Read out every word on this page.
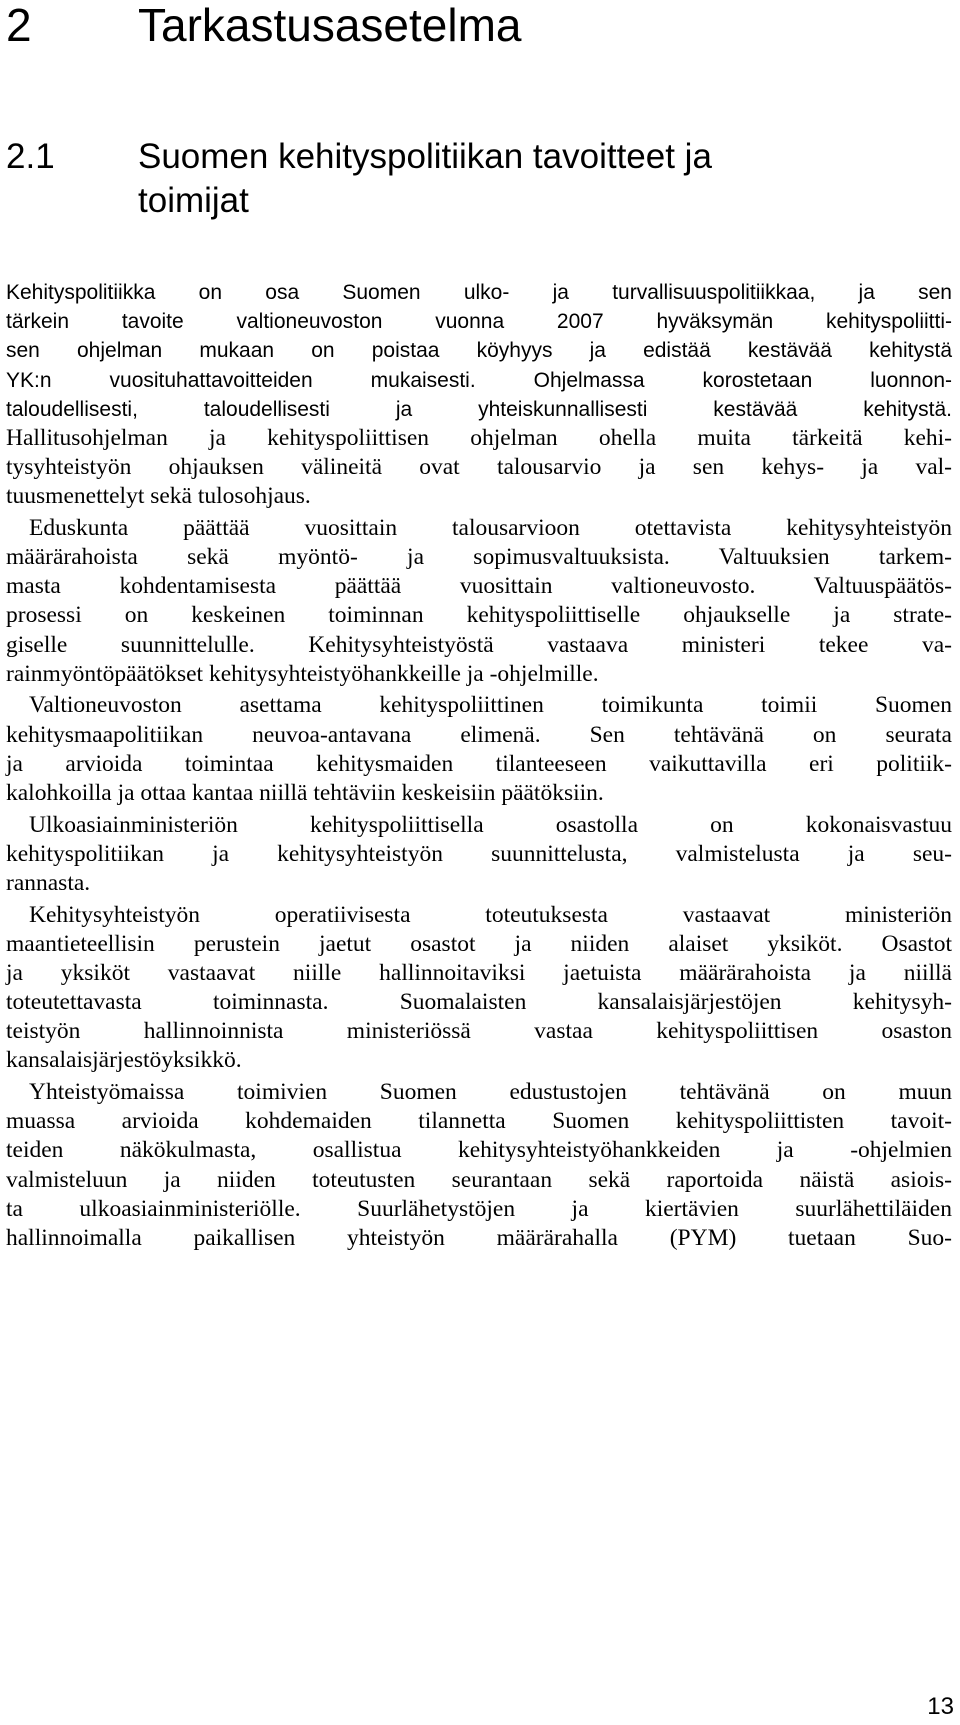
2 Tarkastusasetelma
2.1 Suomen kehityspolitiikan tavoitteet ja
toimijat
Kehityspolitiikka on osa Suomen ulko- ja turvallisuuspolitiikkaa, ja sen
tärkein tavoite valtioneuvoston vuonna 2007 hyväksymän kehityspoliitti-
sen ohjelman mukaan on poistaa köyhyys ja edistää kestävää kehitystä
YK:n vuosituhattavoitteiden mukaisesti. Ohjelmassa korostetaan luonnon-
taloudellisesti, taloudellisesti ja yhteiskunnallisesti kestävää kehitystä.
Hallitusohjelman ja kehityspoliittisen ohjelman ohella muita tärkeitä kehi-
tysyhteistyön ohjauksen välineitä ovat talousarvio ja sen kehys- ja val-
tuusmenettelyt sekä tulosohjaus.
Eduskunta päättää vuosittain talousarvioon otettavista kehitysyhteistyön
määrärahoista sekä myöntö- ja sopimusvaltuuksista. Valtuuksien tarkem-
masta kohdentamisesta päättää vuosittain valtioneuvosto. Valtuuspäätös-
prosessi on keskeinen toiminnan kehityspoliittiselle ohjaukselle ja strate-
giselle suunnittelulle. Kehitysyhteistyöstä vastaava ministeri tekee va-
rainmyöntöpäätökset kehitysyhteistyöhankkeille ja -ohjelmille.
Valtioneuvoston asettama kehityspoliittinen toimikunta toimii Suomen
kehitysmaapolitiikan neuvoa-antavana elimenä. Sen tehtävänä on seurata
ja arvioida toimintaa kehitysmaiden tilanteeseen vaikuttavilla eri politiik-
kalohkoilla ja ottaa kantaa niillä tehtäviin keskeisiin päätöksiin.
Ulkoasiainministeriön kehityspoliittisella osastolla on kokonaisvastuu
kehityspolitiikan ja kehitysyhteistyön suunnittelusta, valmistelusta ja seu-
rannasta.
Kehitysyhteistyön operatiivisesta toteutuksesta vastaavat ministeriön
maantieteellisin perustein jaetut osastot ja niiden alaiset yksiköt. Osastot
ja yksiköt vastaavat niille hallinnoitaviksi jaetuista määrärahoista ja niillä
toteutettavasta toiminnasta. Suomalaisten kansalaisjärjestöjen kehitysyh-
teistyön hallinnoinnista ministeriössä vastaa kehityspoliittisen osaston
kansalaisjärjestöyksikkö.
Yhteistyömaissa toimivien Suomen edustustojen tehtävänä on muun
muassa arvioida kohdemaiden tilannetta Suomen kehityspoliittisten tavoit-
teiden näkökulmasta, osallistua kehitysyhteistyöhankkeiden ja -ohjelmien
valmisteluun ja niiden toteutusten seurantaan sekä raportoida näistä asiois-
ta ulkoasiainministeriölle. Suurlähetystöjen ja kiertävien suurlähettiläiden
hallinnoimalla paikallisen yhteistyön määrärahalla (PYM) tuetaan Suo-
13
